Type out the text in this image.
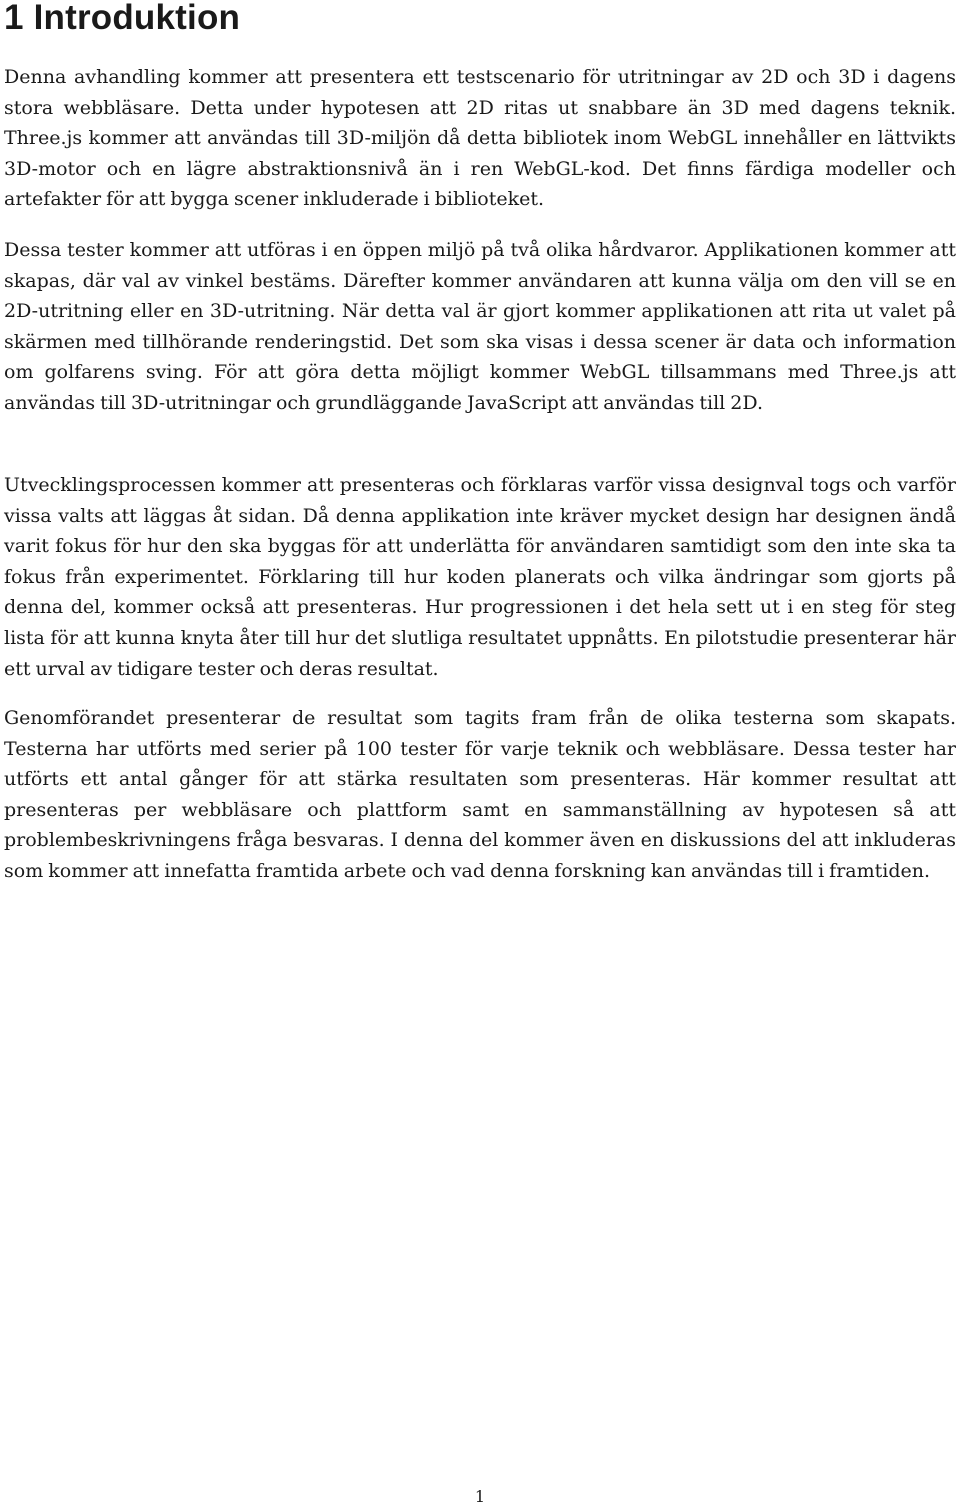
1 Introduktion

Denna avhandling kommer att presentera ett testscenario för utritningar av 2D och 3D i dagens stora webbläsare. Detta under hypotesen att 2D ritas ut snabbare än 3D med dagens teknik. Three.js kommer att användas till 3D-miljön då detta bibliotek inom WebGL innehåller en lättvikts 3D-motor och en lägre abstraktionsnivå än i ren WebGL-kod. Det finns färdiga modeller och artefakter för att bygga scener inkluderade i biblioteket.

Dessa tester kommer att utföras i en öppen miljö på två olika hårdvaror. Applikationen kommer att skapas, där val av vinkel bestäms. Därefter kommer användaren att kunna välja om den vill se en 2D-utritning eller en 3D-utritning. När detta val är gjort kommer applikationen att rita ut valet på skärmen med tillhörande renderingstid. Det som ska visas i dessa scener är data och information om golfarens sving. För att göra detta möjligt kommer WebGL tillsammans med Three.js att användas till 3D-utritningar och grundläggande JavaScript att användas till 2D.

Utvecklingsprocessen kommer att presenteras och förklaras varför vissa designval togs och varför vissa valts att läggas åt sidan. Då denna applikation inte kräver mycket design har designen ändå varit fokus för hur den ska byggas för att underlätta för användaren samtidigt som den inte ska ta fokus från experimentet. Förklaring till hur koden planerats och vilka ändringar som gjorts på denna del, kommer också att presenteras. Hur progressionen i det hela sett ut i en steg för steg lista för att kunna knyta åter till hur det slutliga resultatet uppnåtts. En pilotstudie presenterar här ett urval av tidigare tester och deras resultat.

Genomförandet presenterar de resultat som tagits fram från de olika testerna som skapats. Testerna har utförts med serier på 100 tester för varje teknik och webbläsare. Dessa tester har utförts ett antal gånger för att stärka resultaten som presenteras. Här kommer resultat att presenteras per webbläsare och plattform samt en sammanställning av hypotesen så att problembeskrivningens fråga besvaras. I denna del kommer även en diskussions del att inkluderas som kommer att innefatta framtida arbete och vad denna forskning kan användas till i framtiden.

1
